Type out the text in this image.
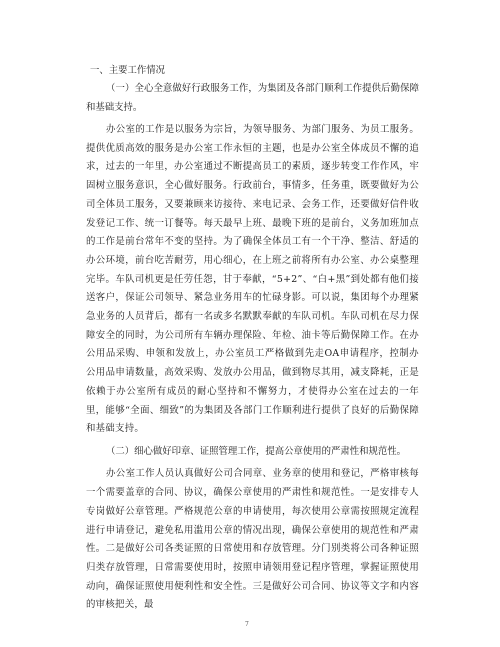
一、主要工作情况

（一）全心全意做好行政服务工作，为集团及各部门顺利工作提供后勤保障和基础支持。

办公室的工作是以服务为宗旨，为领导服务、为部门服务、为员工服务。提供优质高效的服务是办公室工作永恒的主题，也是办公室全体成员不懈的追求，过去的一年里，办公室通过不断提高员工的素质，逐步转变工作作风，牢固树立服务意识，全心做好服务。行政前台，事情多，任务重，既要做好为公司全体员工服务，又要兼顾来访接待、来电记录、会务工作，还要做好信件收发登记工作、统一订餐等。每天最早上班、最晚下班的是前台，义务加班加点的工作是前台常年不变的坚持。为了确保全体员工有一个干净、整洁、舒适的办公环境，前台吃苦耐劳，用心细心，在上班之前将所有办公室、办公桌整理完毕。车队司机更是任劳任怨，甘于奉献，“5+2”、“白+黑”到处都有他们接送客户，保证公司领导、紧急业务用车的忙碌身影。可以说，集团每个办理紧急业务的人员背后，都有一名或多名默默奉献的车队司机。车队司机在尽力保障安全的同时，为公司所有车辆办理保险、年检、油卡等后勤保障工作。在办公用品采购、申领和发放上，办公室员工严格做到先走OA申请程序，控制办公用品申请数量，高效采购、发放办公用品，做到物尽其用，减支降耗，正是依赖于办公室所有成员的耐心坚持和不懈努力，才使得办公室在过去的一年里，能够“全面、细致”的为集团及各部门工作顺利进行提供了良好的后勤保障和基础支持。

（二）细心做好印章、证照管理工作，提高公章使用的严肃性和规范性。

办公室工作人员认真做好公司合同章、业务章的使用和登记，严格审核每一个需要盖章的合同、协议，确保公章使用的严肃性和规范性。一是安排专人专岗做好公章管理。严格规范公章的申请使用，每次使用公章需按照规定流程进行申请登记，避免私用滥用公章的情况出现，确保公章使用的规范性和严肃性。二是做好公司各类证照的日常使用和存放管理。分门别类将公司各种证照归类存放管理，日常需要使用时，按照申请领用登记程序管理，掌握证照使用动向，确保证照使用便利性和安全性。三是做好公司合同、协议等文字和内容的审核把关，最

7
